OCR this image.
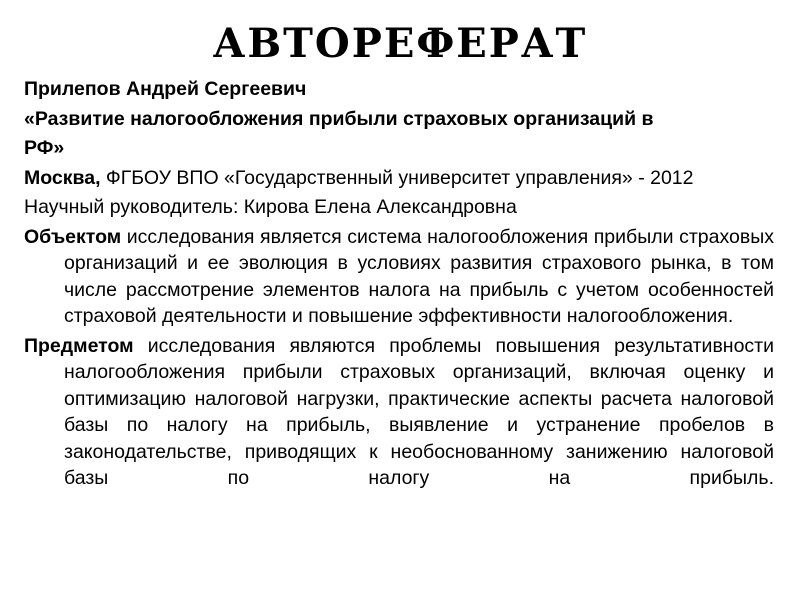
АВТОРЕФЕРАТ

Прилепов Андрей Сергеевич

«Развитие налогообложения прибыли страховых организаций в

РФ»

Москва, ФГБОУ ВПО «Государственный университет управления» - 2012

Научный руководитель: Кирова Елена Александровна

Объектом исследования является система налогообложения прибыли страховых организаций и ее эволюция в условиях развития страхового рынка, в том числе рассмотрение элементов налога на прибыль с учетом особенностей страховой деятельности и повышение эффективности налогообложения.

Предметом исследования являются проблемы повышения результативности налогообложения прибыли страховых организаций, включая оценку и оптимизацию налоговой нагрузки, практические аспекты расчета налоговой базы по налогу на прибыль, выявление и устранение пробелов в законодательстве, приводящих к необоснованному занижению налоговой базы по налогу на прибыль.
